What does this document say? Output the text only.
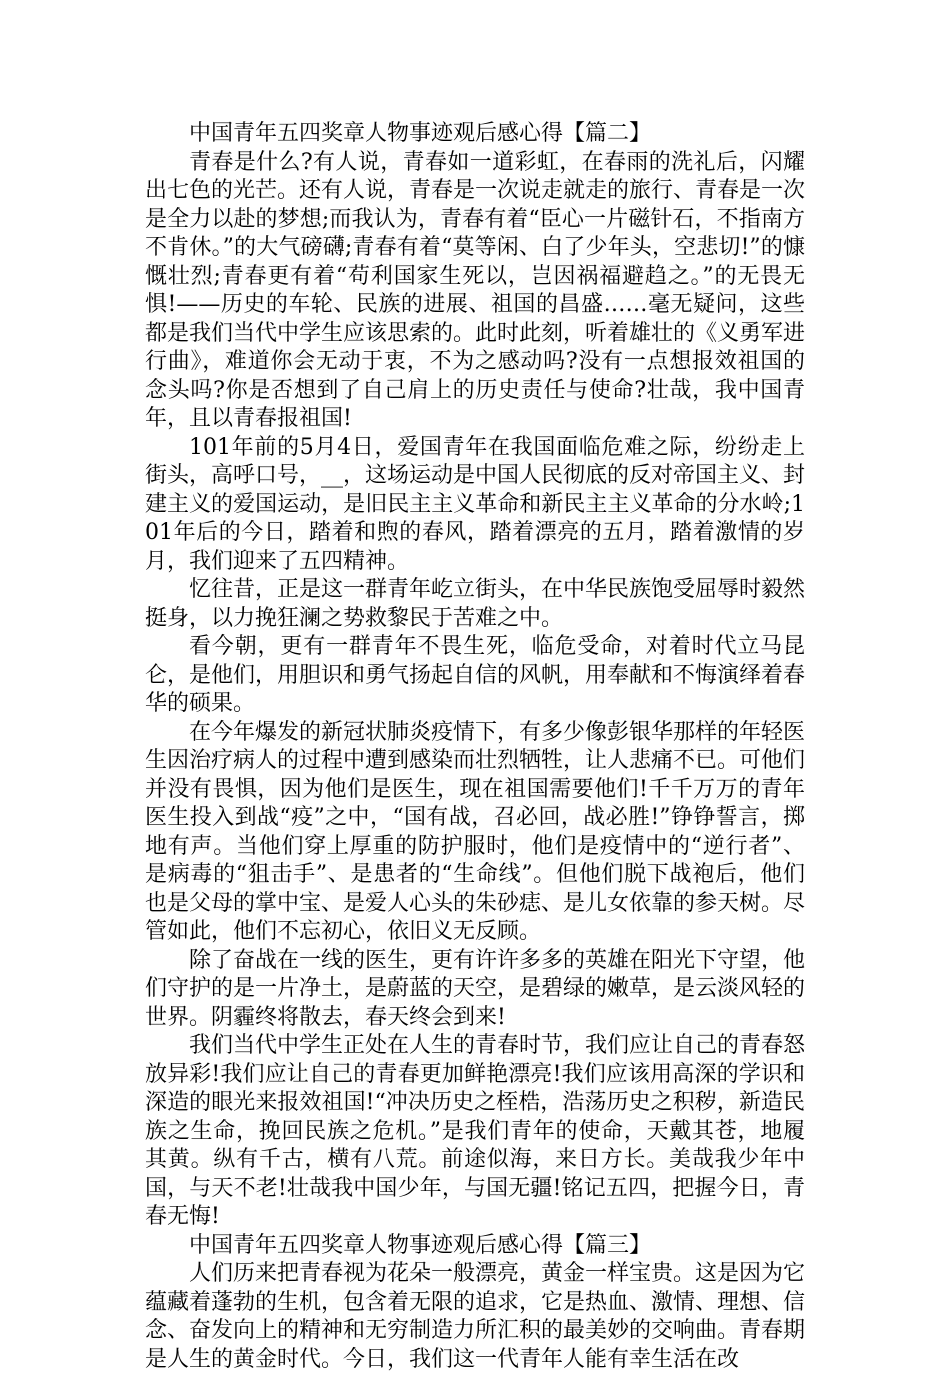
中国青年五四奖章人物事迹观后感心得【篇二】

青春是什么?有人说，青春如一道彩虹，在春雨的洗礼后，闪耀出七色的光芒。还有人说，青春是一次说走就走的旅行、青春是一次是全力以赴的梦想;而我认为，青春有着“臣心一片磁针石，不指南方不肯休。”的大气磅礴;青春有着“莫等闲、白了少年头，空悲切!”的慷慨壮烈;青春更有着“苟利国家生死以，岂因祸福避趋之。”的无畏无惧!——历史的车轮、民族的进展、祖国的昌盛……毫无疑问，这些都是我们当代中学生应该思索的。此时此刻，听着雄壮的《义勇军进行曲》，难道你会无动于衷，不为之感动吗?没有一点想报效祖国的念头吗?你是否想到了自己肩上的历史责任与使命?壮哉，我中国青年，且以青春报祖国!

101年前的5月4日，爱国青年在我国面临危难之际，纷纷走上街头，高呼口号，__，这场运动是中国人民彻底的反对帝国主义、封建主义的爱国运动，是旧民主主义革命和新民主主义革命的分水岭;101年后的今日，踏着和煦的春风，踏着漂亮的五月，踏着激情的岁月，我们迎来了五四精神。

忆往昔，正是这一群青年屹立街头，在中华民族饱受屈辱时毅然挺身，以力挽狂澜之势救黎民于苦难之中。

看今朝，更有一群青年不畏生死，临危受命，对着时代立马昆仑，是他们，用胆识和勇气扬起自信的风帆，用奉献和不悔演绎着春华的硕果。

在今年爆发的新冠状肺炎疫情下，有多少像彭银华那样的年轻医生因治疗病人的过程中遭到感染而壮烈牺牲，让人悲痛不已。可他们并没有畏惧，因为他们是医生，现在祖国需要他们!千千万万的青年医生投入到战“疫”之中，“国有战，召必回，战必胜!”铮铮誓言，掷地有声。当他们穿上厚重的防护服时，他们是疫情中的“逆行者”、是病毒的“狙击手”、是患者的“生命线”。但他们脱下战袍后，他们也是父母的掌中宝、是爱人心头的朱砂痣、是儿女依靠的参天树。尽管如此，他们不忘初心，依旧义无反顾。

除了奋战在一线的医生，更有许许多多的英雄在阳光下守望，他们守护的是一片净土，是蔚蓝的天空，是碧绿的嫩草，是云淡风轻的世界。阴霾终将散去，春天终会到来!

我们当代中学生正处在人生的青春时节，我们应让自己的青春怒放异彩!我们应让自己的青春更加鲜艳漂亮!我们应该用高深的学识和深造的眼光来报效祖国!“冲决历史之桎梏，浩荡历史之积秽，新造民族之生命，挽回民族之危机。”是我们青年的使命，天戴其苍，地履其黄。纵有千古，横有八荒。前途似海，来日方长。美哉我少年中国，与天不老!壮哉我中国少年，与国无疆!铭记五四，把握今日，青春无悔!

中国青年五四奖章人物事迹观后感心得【篇三】

人们历来把青春视为花朵一般漂亮，黄金一样宝贵。这是因为它蕴藏着蓬勃的生机，包含着无限的追求，它是热血、激情、理想、信念、奋发向上的精神和无穷制造力所汇积的最美妙的交响曲。青春期是人生的黄金时代。今日，我们这一代青年人能有幸生活在改
